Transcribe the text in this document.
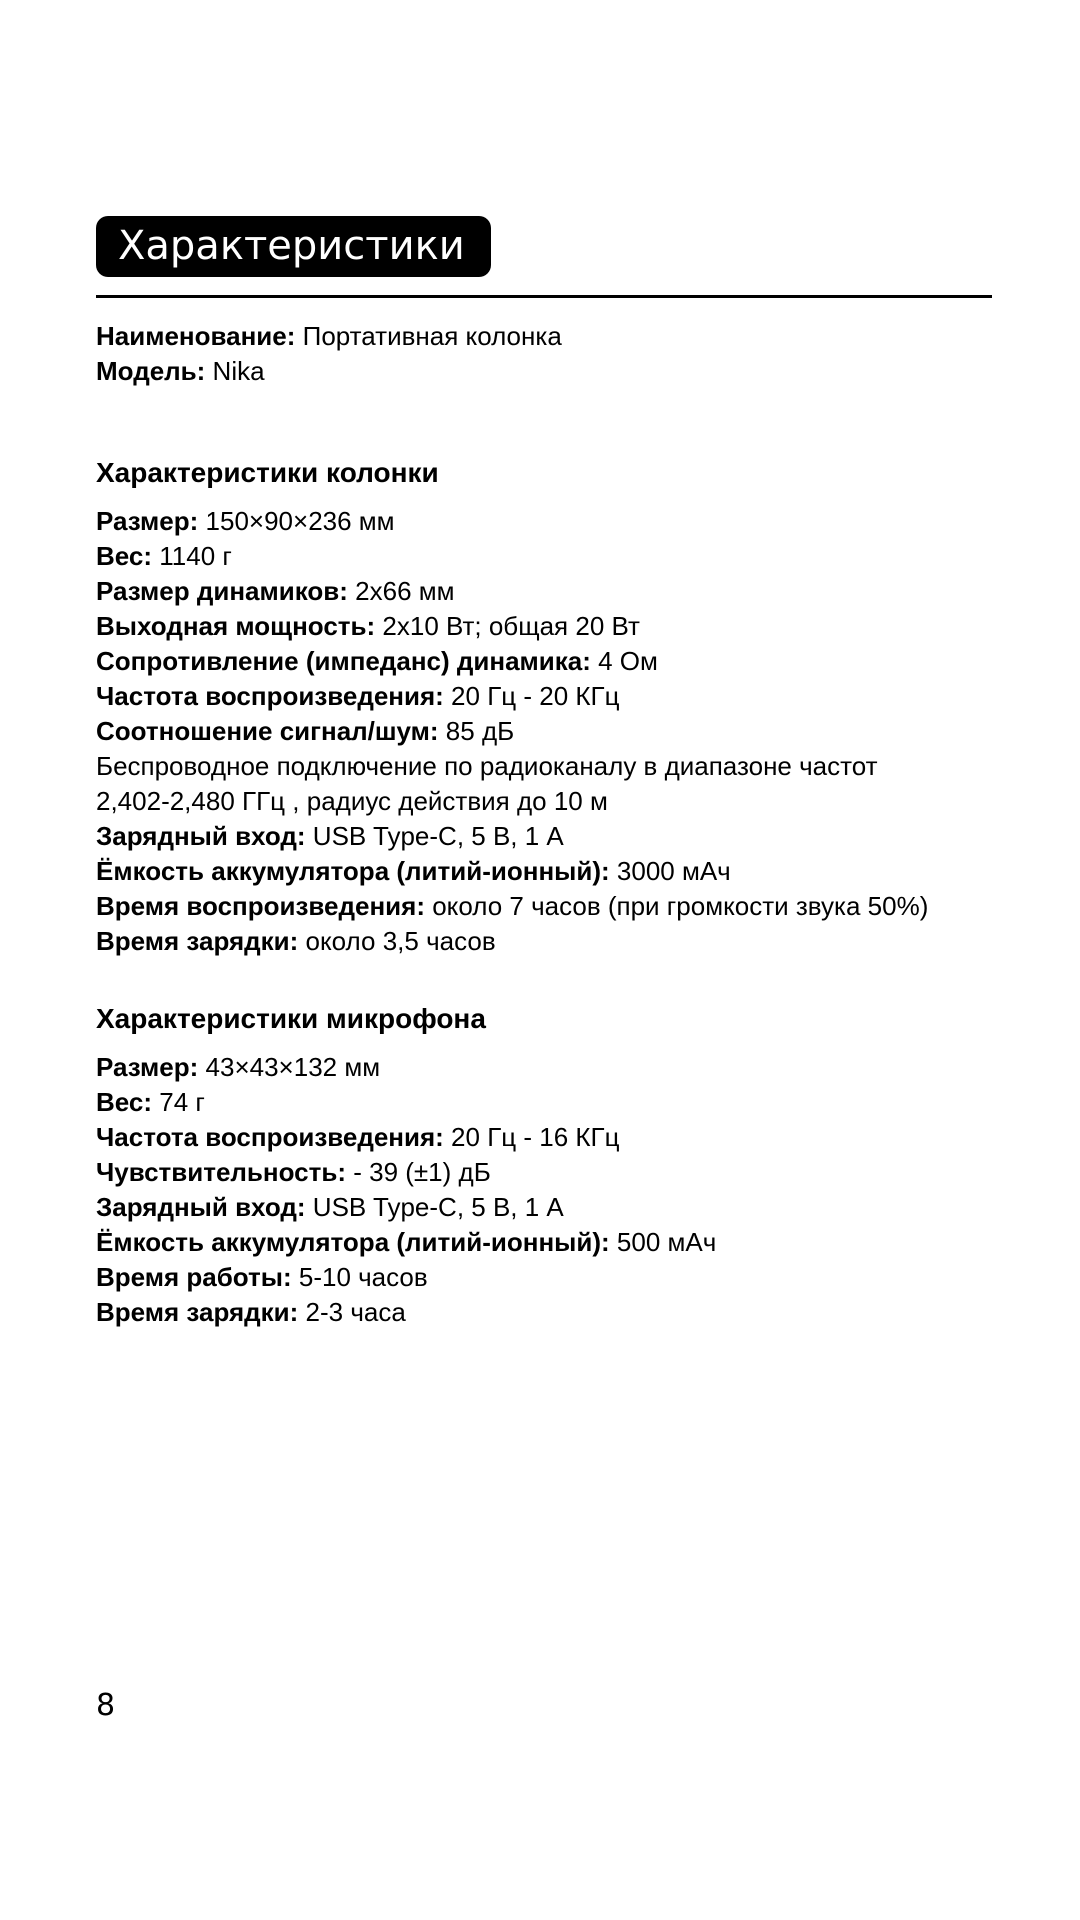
Характеристики
Наименование: Портативная колонка
Модель: Nika
Характеристики колонки
Размер: 150×90×236 мм
Вес: 1140 г
Размер динамиков: 2x66 мм
Выходная мощность: 2x10 Вт; общая 20 Вт
Сопротивление (импеданс) динамика: 4 Ом
Частота воспроизведения: 20 Гц - 20 КГц
Соотношение сигнал/шум: 85 дБ
Беспроводное подключение по радиоканалу в диапазоне частот
2,402-2,480 ГГц , радиус действия до 10 м
Зарядный вход: USB Type-C, 5 В, 1 А
Ёмкость аккумулятора (литий-ионный): 3000 мАч
Время воспроизведения: около 7 часов (при громкости звука 50%)
Время зарядки: около 3,5 часов
Характеристики микрофона
Размер: 43×43×132 мм
Вес: 74 г
Частота воспроизведения: 20 Гц - 16 КГц
Чувствительность: - 39 (±1) дБ
Зарядный вход: USB Type-C, 5 В, 1 А
Ёмкость аккумулятора (литий-ионный): 500 мАч
Время работы: 5-10 часов
Время зарядки: 2-3 часа
8
